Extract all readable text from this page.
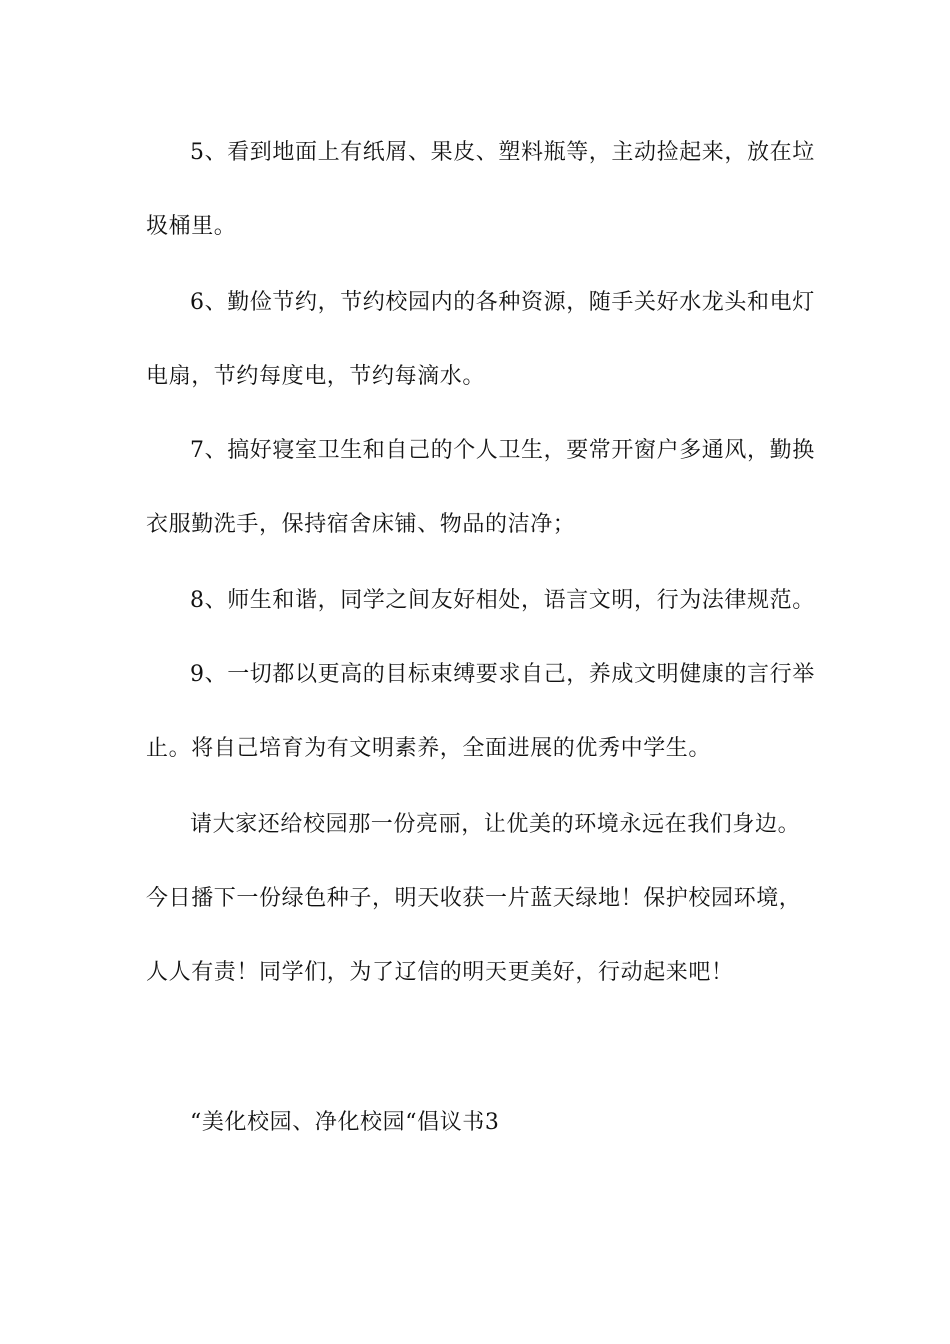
5、看到地面上有纸屑、果皮、塑料瓶等，主动捡起来，放在垃
圾桶里。
6、勤俭节约，节约校园内的各种资源，随手关好水龙头和电灯
电扇，节约每度电，节约每滴水。
7、搞好寝室卫生和自己的个人卫生，要常开窗户多通风，勤换
衣服勤洗手，保持宿舍床铺、物品的洁净；
8、师生和谐，同学之间友好相处，语言文明，行为法律规范。
9、一切都以更高的目标束缚要求自己，养成文明健康的言行举
止。将自己培育为有文明素养，全面进展的优秀中学生。
请大家还给校园那一份亮丽，让优美的环境永远在我们身边。
今日播下一份绿色种子，明天收获一片蓝天绿地！保护校园环境，
人人有责！同学们，为了辽信的明天更美好，行动起来吧！
“美化校园、净化校园“倡议书3
